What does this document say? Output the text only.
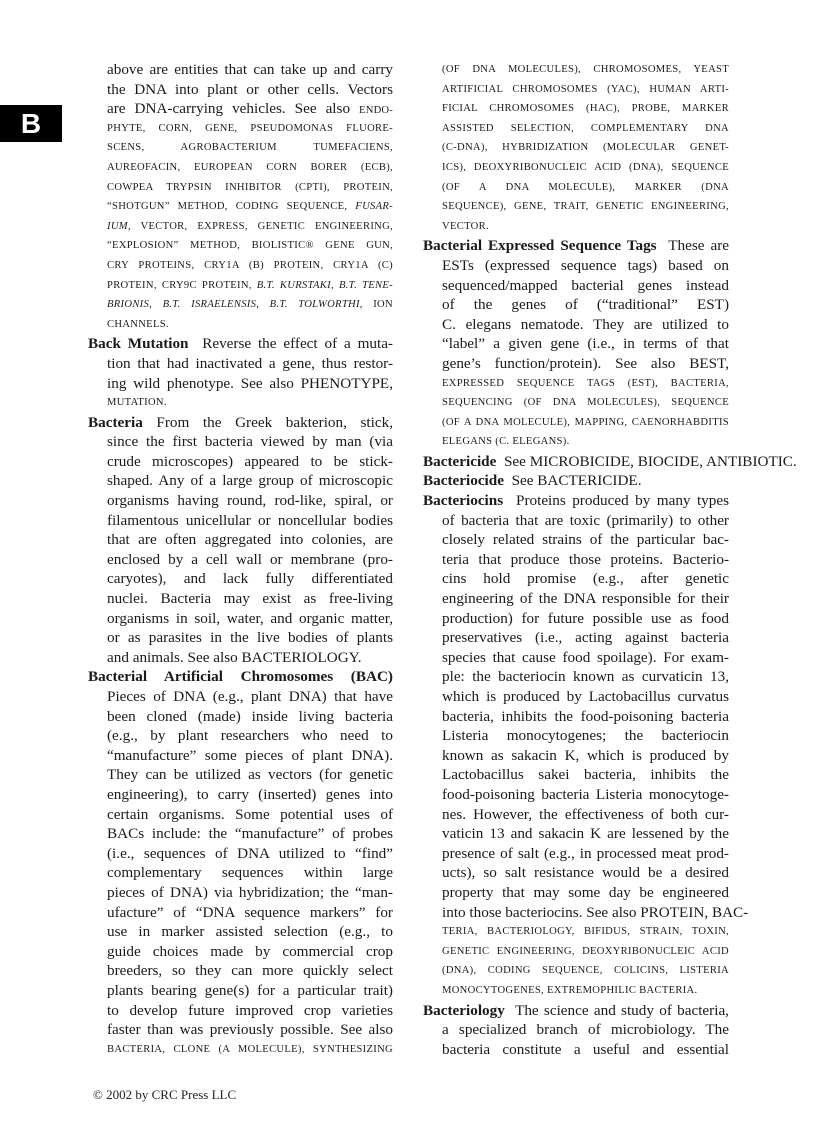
B
above are entities that can take up and carry
the DNA into plant or other cells. Vectors
are DNA-carrying vehicles. See also ENDO-
PHYTE, CORN, GENE, PSEUDOMONAS FLUORE-
SCENS, AGROBACTERIUM TUMEFACIENS,
AUREOFACIN, EUROPEAN CORN BORER (ECB),
COWPEA TRYPSIN INHIBITOR (CPTI), PROTEIN,
“SHOTGUN” METHOD, CODING SEQUENCE, FUSAR-
IUM, VECTOR, EXPRESS, GENETIC ENGINEERING,
“EXPLOSION” METHOD, BIOLISTIC® GENE GUN,
CRY PROTEINS, CRY1A (B) PROTEIN, CRY1A (C)
PROTEIN, CRY9C PROTEIN, B.T. KURSTAKI, B.T. TENE-
BRIONIS, B.T. ISRAELENSIS, B.T. TOLWORTHI, ION
CHANNELS.
Back Mutation Reverse the effect of a muta-
tion that had inactivated a gene, thus restor-
ing wild phenotype. See also PHENOTYPE,
MUTATION.
Bacteria From the Greek bakterion, stick,
since the first bacteria viewed by man (via
crude microscopes) appeared to be stick-
shaped. Any of a large group of microscopic
organisms having round, rod-like, spiral, or
filamentous unicellular or noncellular bodies
that are often aggregated into colonies, are
enclosed by a cell wall or membrane (pro-
caryotes), and lack fully differentiated
nuclei. Bacteria may exist as free-living
organisms in soil, water, and organic matter,
or as parasites in the live bodies of plants
and animals. See also BACTERIOLOGY.
Bacterial Artificial Chromosomes (BAC)
Pieces of DNA (e.g., plant DNA) that have
been cloned (made) inside living bacteria
(e.g., by plant researchers who need to
“manufacture” some pieces of plant DNA).
They can be utilized as vectors (for genetic
engineering), to carry (inserted) genes into
certain organisms. Some potential uses of
BACs include: the “manufacture” of probes
(i.e., sequences of DNA utilized to “find”
complementary sequences within large
pieces of DNA) via hybridization; the “man-
ufacture” of “DNA sequence markers” for
use in marker assisted selection (e.g., to
guide choices made by commercial crop
breeders, so they can more quickly select
plants bearing gene(s) for a particular trait)
to develop future improved crop varieties
faster than was previously possible. See also
BACTERIA, CLONE (A MOLECULE), SYNTHESIZING
(OF DNA MOLECULES), CHROMOSOMES, YEAST
ARTIFICIAL CHROMOSOMES (YAC), HUMAN ARTI-
FICIAL CHROMOSOMES (HAC), PROBE, MARKER
ASSISTED SELECTION, COMPLEMENTARY DNA
(C-DNA), HYBRIDIZATION (MOLECULAR GENET-
ICS), DEOXYRIBONUCLEIC ACID (DNA), SEQUENCE
(OF A DNA MOLECULE), MARKER (DNA
SEQUENCE), GENE, TRAIT, GENETIC ENGINEERING,
VECTOR.
Bacterial Expressed Sequence Tags These are
ESTs (expressed sequence tags) based on
sequenced/mapped bacterial genes instead
of the genes of (“traditional” EST)
C. elegans nematode. They are utilized to
“label” a given gene (i.e., in terms of that
gene’s function/protein). See also BEST,
EXPRESSED SEQUENCE TAGS (EST), BACTERIA,
SEQUENCING (OF DNA MOLECULES), SEQUENCE
(OF A DNA MOLECULE), MAPPING, CAENORHABDITIS
ELEGANS (C. ELEGANS).
Bactericide See MICROBICIDE, BIOCIDE, ANTIBIOTIC.
Bacteriocide See BACTERICIDE.
Bacteriocins Proteins produced by many types
of bacteria that are toxic (primarily) to other
closely related strains of the particular bac-
teria that produce those proteins. Bacterio-
cins hold promise (e.g., after genetic
engineering of the DNA responsible for their
production) for future possible use as food
preservatives (i.e., acting against bacteria
species that cause food spoilage). For exam-
ple: the bacteriocin known as curvaticin 13,
which is produced by Lactobacillus curvatus
bacteria, inhibits the food-poisoning bacteria
Listeria monocytogenes; the bacteriocin
known as sakacin K, which is produced by
Lactobacillus sakei bacteria, inhibits the
food-poisoning bacteria Listeria monocytoge-
nes. However, the effectiveness of both cur-
vaticin 13 and sakacin K are lessened by the
presence of salt (e.g., in processed meat prod-
ucts), so salt resistance would be a desired
property that may some day be engineered
into those bacteriocins. See also PROTEIN, BAC-
TERIA, BACTERIOLOGY, BIFIDUS, STRAIN, TOXIN,
GENETIC ENGINEERING, DEOXYRIBONUCLEIC ACID
(DNA), CODING SEQUENCE, COLICINS, LISTERIA
MONOCYTOGENES, EXTREMOPHILIC BACTERIA.
Bacteriology The science and study of bacteria,
a specialized branch of microbiology. The
bacteria constitute a useful and essential
© 2002 by CRC Press LLC
